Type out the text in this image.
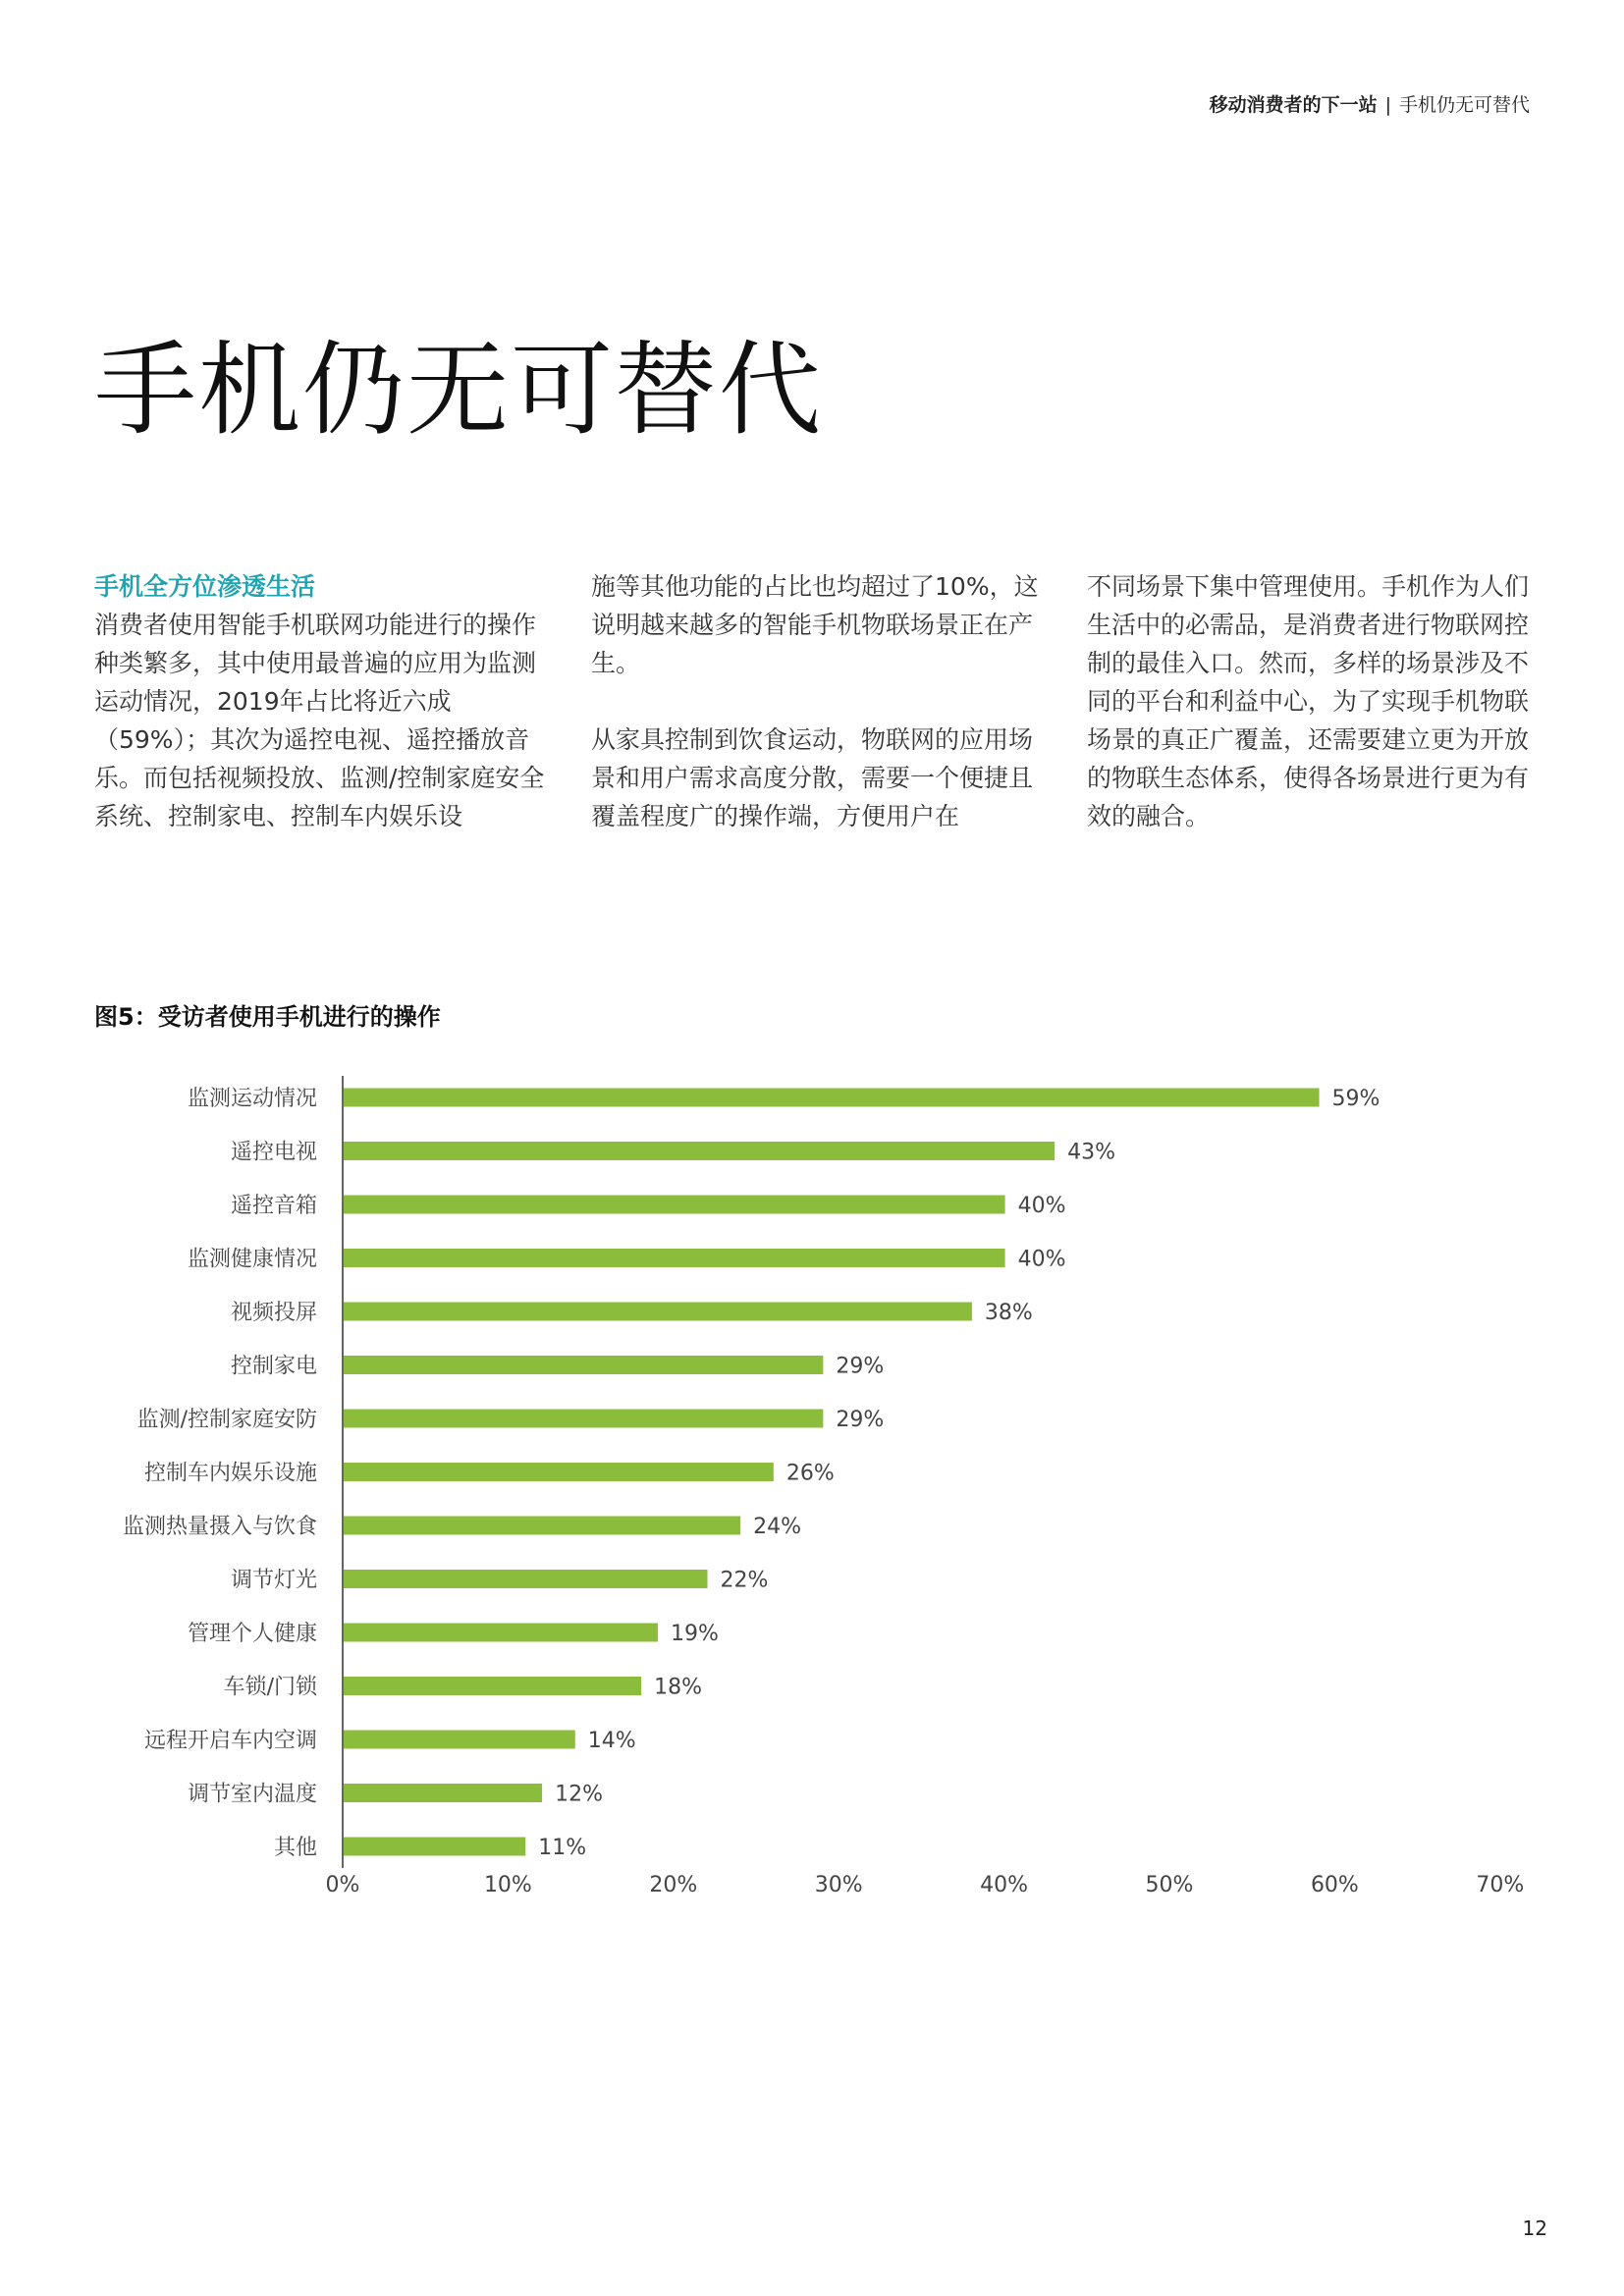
移动消费者的下一站 | 手机仍无可替代
手机仍无可替代

手机全方位渗透生活

消费者使用智能手机联网功能进行的操作种类繁多，其中使用最普遍的应用为监测运动情况，2019年占比将近六成（59%）；其次为遥控电视、遥控播放音乐。而包括视频投放、监测/控制家庭安全系统、控制家电、控制车内娱乐设

施等其他功能的占比也均超过了10%，这说明越来越多的智能手机物联场景正在产生。

从家具控制到饮食运动，物联网的应用场景和用户需求高度分散，需要一个便捷且覆盖程度广的操作端，方便用户在

不同场景下集中管理使用。手机作为人们生活中的必需品，是消费者进行物联网控制的最佳入口。然而，多样的场景涉及不同的平台和利益中心，为了实现手机物联场景的真正广覆盖，还需要建立更为开放的物联生态体系，使得各场景进行更为有效的融合。

图5：受访者使用手机进行的操作
监测运动情况	59%
遥控电视	43%
遥控音箱	40%
监测健康情况	40%
视频投屏	38%
控制家电	29%
监测/控制家庭安防	29%
控制车内娱乐设施	26%
监测热量摄入与饮食	24%
调节灯光	22%
管理个人健康	19%
车锁/门锁	18%
远程开启车内空调	14%
调节室内温度	12%
其他	11%
0%	10%	20%	30%	40%	50%	60%	70%
12
